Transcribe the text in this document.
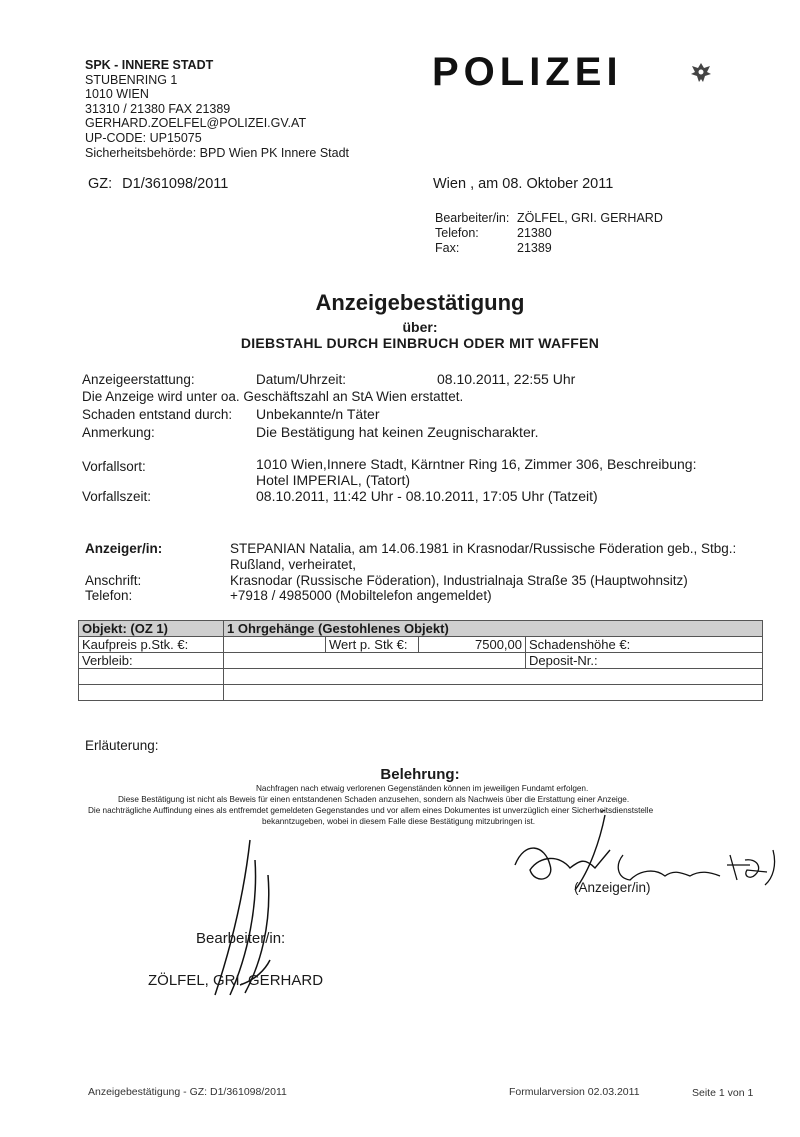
SPK - INNERE STADT
STUBENRING 1
1010 WIEN
31310 / 21380 FAX 21389
GERHARD.ZOELFEL@POLIZEI.GV.AT
UP-CODE: UP15075
Sicherheitsbehörde: BPD Wien PK Innere Stadt
POLIZEI
GZ: D1/361098/2011	Wien , am 08. Oktober 2011
Bearbeiter/in: ZÖLFEL, GRI. GERHARD
Telefon:	21380
Fax:	21389
Anzeigebestätigung
über:
DIEBSTAHL DURCH EINBRUCH ODER MIT WAFFEN
Anzeigeerstattung:	Datum/Uhrzeit:	08.10.2011, 22:55 Uhr
Die Anzeige wird unter oa. Geschäftszahl an StA Wien erstattet.
Schaden entstand durch: Unbekannte/n Täter
Anmerkung:	Die Bestätigung hat keinen Zeugnischarakter.
Vorfallsort:	1010 Wien,Innere Stadt, Kärntner Ring 16, Zimmer 306, Beschreibung:
Hotel IMPERIAL, (Tatort)
Vorfallszeit:	08.10.2011, 11:42 Uhr - 08.10.2011, 17:05 Uhr (Tatzeit)
Anzeiger/in:	STEPANIAN Natalia, am 14.06.1981 in Krasnodar/Russische Föderation geb., Stbg.:
Rußland, verheiratet,
Anschrift:	Krasnodar (Russische Föderation), Industrialnaja Straße 35 (Hauptwohnsitz)
Telefon:	+7918 / 4985000 (Mobiltelefon angemeldet)
Objekt: (OZ 1)	1 Ohrgehänge (Gestohlenes Objekt)			
Kaufpreis p.Stk. €:		Wert p. Stk €:	7500,00	Schadenshöhe €:
Verbleib:				Deposit-Nr.:

Erläuterung:
Belehrung:
Nachfragen nach etwaig verlorenen Gegenständen können im jeweiligen Fundamt erfolgen.
Diese Bestätigung ist nicht als Beweis für einen entstandenen Schaden anzusehen, sondern als Nachweis über die Erstattung einer Anzeige.
Die nachträgliche Auffindung eines als entfremdet gemeldeten Gegenstandes und vor allem eines Dokumentes ist unverzüglich einer Sicherheitsdienststelle
bekanntzugeben, wobei in diesem Falle diese Bestätigung mitzubringen ist.
(Anzeiger/in)
Bearbeiter/in:
ZÖLFEL, GRI. GERHARD
Anzeigebestätigung - GZ: D1/361098/2011	Formularversion 02.03.2011	Seite 1 von 1
